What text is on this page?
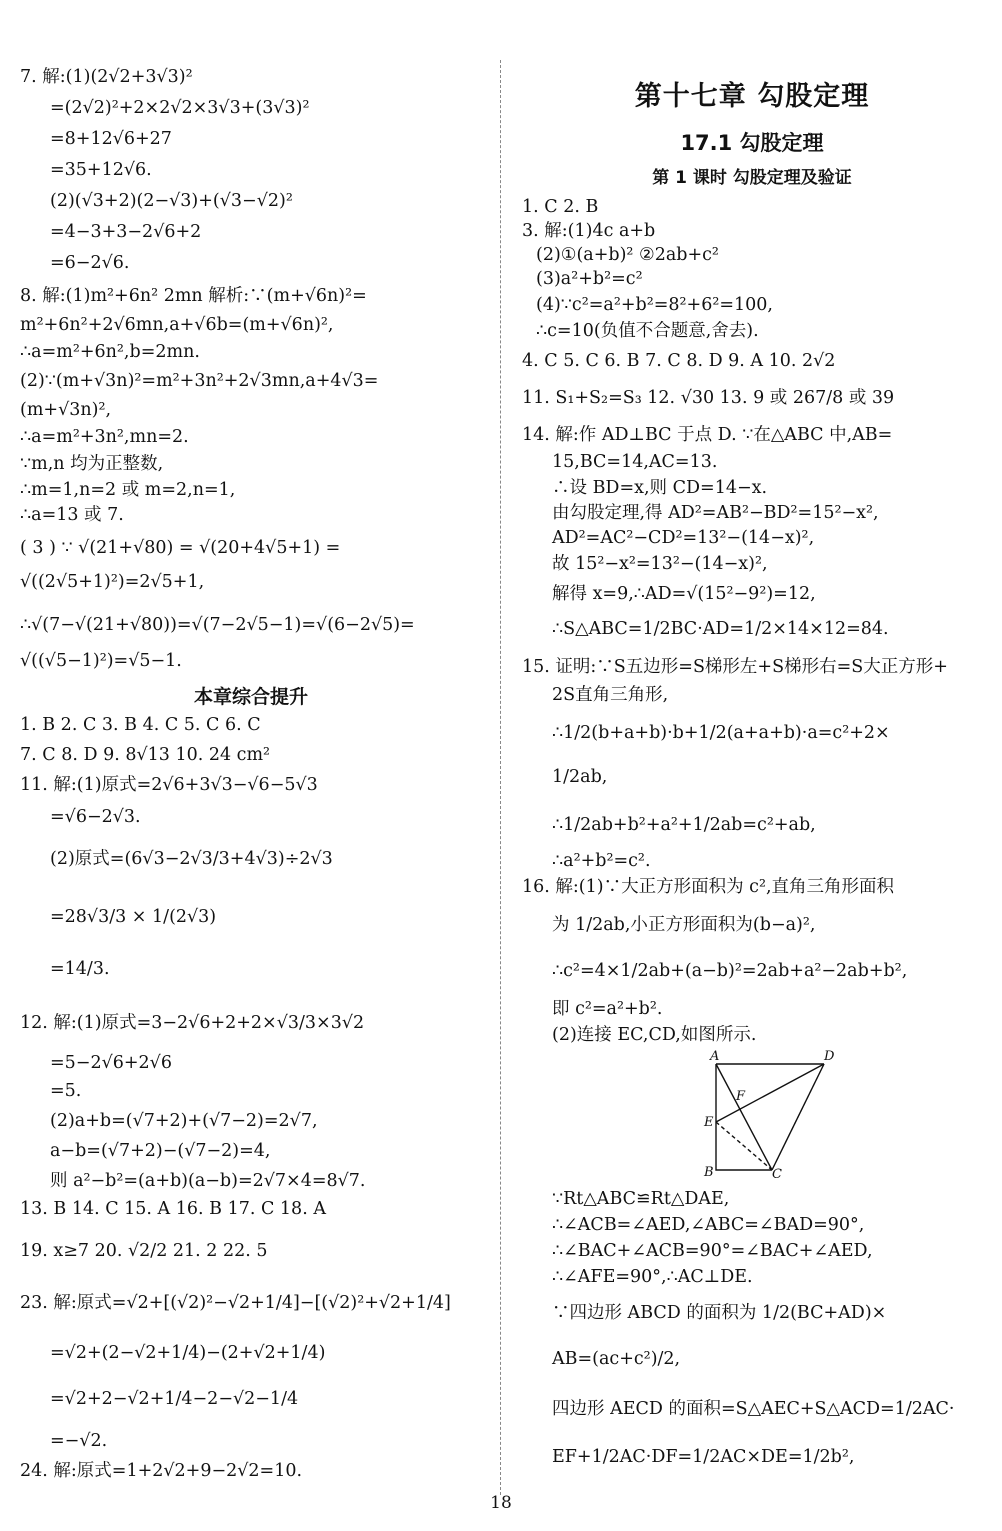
7. 解:(1)(2√2+3√3)²
=(2√2)²+2×2√2×3√3+(3√3)²
=8+12√6+27
=35+12√6.
(2)(√3+2)(2−√3)+(√3−√2)²
=4−3+3−2√6+2
=6−2√6.
8. 解:(1)m²+6n² 2mn 解析:∵(m+√6n)²=
m²+6n²+2√6mn,a+√6b=(m+√6n)²,
∴a=m²+6n²,b=2mn.
(2)∵(m+√3n)²=m²+3n²+2√3mn,a+4√3=
(m+√3n)²,
∴a=m²+3n²,mn=2.
∵m,n 均为正整数,
∴m=1,n=2 或 m=2,n=1,
∴a=13 或 7.
( 3 ) ∵ √(21+√80) = √(20+4√5+1) =
√((2√5+1)²)=2√5+1,
∴√(7−√(21+√80))=√(7−2√5−1)=√(6−2√5)=
√((√5−1)²)=√5−1.
本章综合提升
1. B 2. C 3. B 4. C 5. C 6. C
7. C 8. D 9. 8√13 10. 24 cm²
11. 解:(1)原式=2√6+3√3−√6−5√3
=√6−2√3.
(2)原式=(6√3−2√3/3+4√3)÷2√3
=28√3/3 × 1/(2√3)
=14/3.
12. 解:(1)原式=3−2√6+2+2×√3/3×3√2
=5−2√6+2√6
=5.
(2)a+b=(√7+2)+(√7−2)=2√7,
a−b=(√7+2)−(√7−2)=4,
则 a²−b²=(a+b)(a−b)=2√7×4=8√7.
13. B 14. C 15. A 16. B 17. C 18. A
19. x≥7 20. √2/2 21. 2 22. 5
23. 解:原式=√2+[(√2)²−√2+1/4]−[(√2)²+√2+1/4]
=√2+(2−√2+1/4)−(2+√2+1/4)
=√2+2−√2+1/4−2−√2−1/4
=−√2.
24. 解:原式=1+2√2+9−2√2=10.
第十七章 勾股定理
17.1 勾股定理
第 1 课时 勾股定理及验证
1. C 2. B
3. 解:(1)4c a+b
(2)①(a+b)² ②2ab+c²
(3)a²+b²=c²
(4)∵c²=a²+b²=8²+6²=100,
∴c=10(负值不合题意,舍去).
4. C 5. C 6. B 7. C 8. D 9. A 10. 2√2
11. S₁+S₂=S₃ 12. √30 13. 9 或 267/8 或 39
14. 解:作 AD⊥BC 于点 D. ∵在△ABC 中,AB=
15,BC=14,AC=13.
∴设 BD=x,则 CD=14−x.
由勾股定理,得 AD²=AB²−BD²=15²−x²,
AD²=AC²−CD²=13²−(14−x)²,
故 15²−x²=13²−(14−x)²,
解得 x=9,∴AD=√(15²−9²)=12,
∴S△ABC=1/2BC·AD=1/2×14×12=84.
15. 证明:∵S五边形=S梯形左+S梯形右=S大正方形+
2S直角三角形,
∴1/2(b+a+b)·b+1/2(a+a+b)·a=c²+2×
1/2ab,
∴1/2ab+b²+a²+1/2ab=c²+ab,
∴a²+b²=c².
16. 解:(1)∵大正方形面积为 c²,直角三角形面积
为 1/2ab,小正方形面积为(b−a)²,
∴c²=4×1/2ab+(a−b)²=2ab+a²−2ab+b²,
即 c²=a²+b².
(2)连接 EC,CD,如图所示.
∵Rt△ABC≌Rt△DAE,
∴∠ACB=∠AED,∠ABC=∠BAD=90°,
∴∠BAC+∠ACB=90°=∠BAC+∠AED,
∴∠AFE=90°,∴AC⊥DE.
∵四边形 ABCD 的面积为 1/2(BC+AD)×
AB=(ac+c²)/2,
四边形 AECD 的面积=S△AEC+S△ACD=1/2AC·
EF+1/2AC·DF=1/2AC×DE=1/2b²,
A	D
F
E
B	C
18
